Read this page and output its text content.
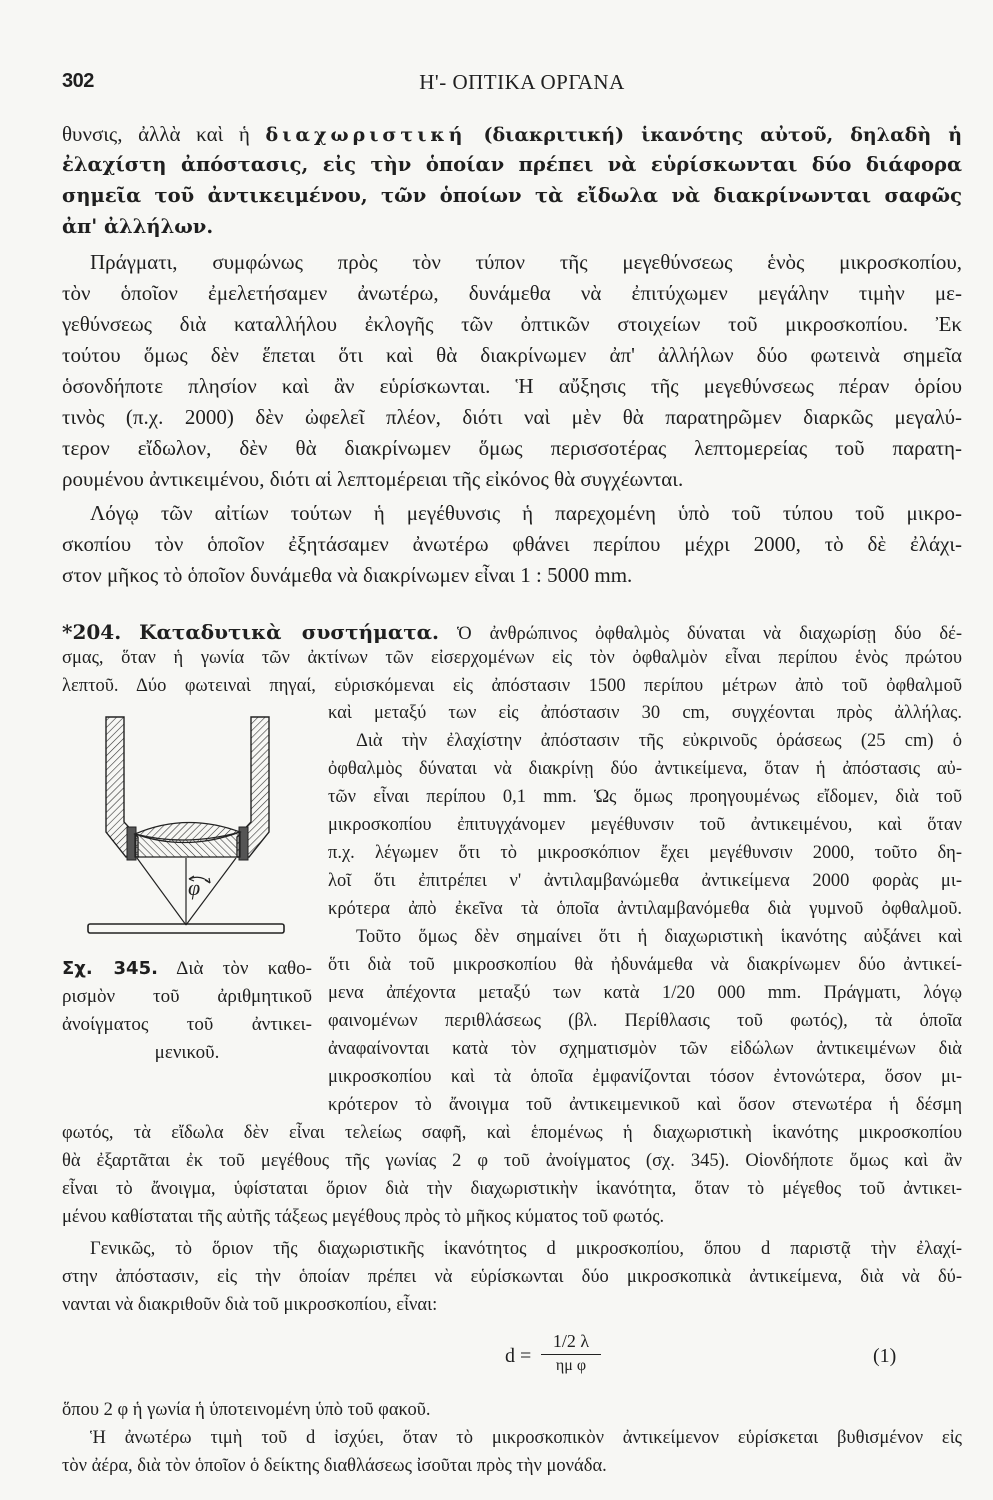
302	Η'- ΟΠΤΙΚΑ ΟΡΓΑΝΑ
θυνσις, ἀλλὰ καὶ ἡ διαχωριστική (διακριτική) ἱκανότης αὐτοῦ, δηλαδὴ ἡ
ἐλαχίστη ἀπόστασις, εἰς τὴν ὁποίαν πρέπει νὰ εὑρίσκωνται δύο διάφορα
σημεῖα τοῦ ἀντικειμένου, τῶν ὁποίων τὰ εἴδωλα νὰ διακρίνωνται σαφῶς
ἀπ' ἀλλήλων.
Πράγματι, συμφώνως πρὸς τὸν τύπον τῆς μεγεθύνσεως ἑνὸς μικροσκοπίου,
τὸν ὁποῖον ἐμελετήσαμεν ἀνωτέρω, δυνάμεθα νὰ ἐπιτύχωμεν μεγάλην τιμὴν με-
γεθύνσεως διὰ καταλλήλου ἐκλογῆς τῶν ὀπτικῶν στοιχείων τοῦ μικροσκοπίου. Ἐκ
τούτου ὅμως δὲν ἕπεται ὅτι καὶ θὰ διακρίνωμεν ἀπ' ἀλλήλων δύο φωτεινὰ σημεῖα
ὁσονδήποτε πλησίον καὶ ἂν εὑρίσκωνται. Ἡ αὔξησις τῆς μεγεθύνσεως πέραν ὁρίου
τινὸς (π.χ. 2000) δὲν ὠφελεῖ πλέον, διότι ναὶ μὲν θὰ παρατηρῶμεν διαρκῶς μεγαλύ-
τερον εἴδωλον, δὲν θὰ διακρίνωμεν ὅμως περισσοτέρας λεπτομερείας τοῦ παρατη-
ρουμένου ἀντικειμένου, διότι αἱ λεπτομέρειαι τῆς εἰκόνος θὰ συγχέωνται.
Λόγῳ τῶν αἰτίων τούτων ἡ μεγέθυνσις ἡ παρεχομένη ὑπὸ τοῦ τύπου τοῦ μικρο-
σκοπίου τὸν ὁποῖον ἐξητάσαμεν ἀνωτέρω φθάνει περίπου μέχρι 2000, τὸ δὲ ἐλάχι-
στον μῆκος τὸ ὁποῖον δυνάμεθα νὰ διακρίνωμεν εἶναι 1 : 5000 mm.
*204. Καταδυτικὰ συστήματα. Ὁ ἀνθρώπινος ὀφθαλμὸς δύναται νὰ διαχωρίσῃ δύο δέ-
σμας, ὅταν ἡ γωνία τῶν ἀκτίνων τῶν εἰσερχομένων εἰς τὸν ὀφθαλμὸν εἶναι περίπου ἑνὸς πρώτου
λεπτοῦ. Δύο φωτειναὶ πηγαί, εὑρισκόμεναι εἰς ἀπόστασιν 1500 περίπου μέτρων ἀπὸ τοῦ ὀφθαλμοῦ
καὶ μεταξύ των εἰς ἀπόστασιν 30 cm, συγχέονται πρὸς ἀλλήλας.
Διὰ τὴν ἐλαχίστην ἀπόστασιν τῆς εὐκρινοῦς ὁράσεως (25 cm) ὁ
ὀφθαλμὸς δύναται νὰ διακρίνῃ δύο ἀντικείμενα, ὅταν ἡ ἀπόστασις αὐ-
τῶν εἶναι περίπου 0,1 mm. Ὡς ὅμως προηγουμένως εἴδομεν, διὰ τοῦ
μικροσκοπίου ἐπιτυγχάνομεν μεγέθυνσιν τοῦ ἀντικειμένου, καὶ ὅταν
π.χ. λέγωμεν ὅτι τὸ μικροσκόπιον ἔχει μεγέθυνσιν 2000, τοῦτο δη-
λοῖ ὅτι ἐπιτρέπει ν' ἀντιλαμβανώμεθα ἀντικείμενα 2000 φορὰς μι-
κρότερα ἀπὸ ἐκεῖνα τὰ ὁποῖα ἀντιλαμβανόμεθα διὰ γυμνοῦ ὀφθαλμοῦ.
Τοῦτο ὅμως δὲν σημαίνει ὅτι ἡ διαχωριστικὴ ἱκανότης αὐξάνει καὶ
ὅτι διὰ τοῦ μικροσκοπίου θὰ ἠδυνάμεθα νὰ διακρίνωμεν δύο ἀντικεί-
μενα ἀπέχοντα μεταξύ των κατὰ 1/20 000 mm. Πράγματι, λόγῳ
φαινομένων περιθλάσεως (βλ. Περίθλασις τοῦ φωτός), τὰ ὁποῖα
ἀναφαίνονται κατὰ τὸν σχηματισμὸν τῶν εἰδώλων ἀντικειμένων διὰ
μικροσκοπίου καὶ τὰ ὁποῖα ἐμφανίζονται τόσον ἐντονώτερα, ὅσον μι-
κρότερον τὸ ἄνοιγμα τοῦ ἀντικειμενικοῦ καὶ ὅσον στενωτέρα ἡ δέσμη
φ
Σχ. 345. Διὰ τὸν καθο-
ρισμὸν τοῦ ἀριθμητικοῦ
ἀνοίγματος τοῦ ἀντικει-
μενικοῦ.
φωτός, τὰ εἴδωλα δὲν εἶναι τελείως σαφῆ, καὶ ἑπομένως ἡ διαχωριστικὴ ἱκανότης μικροσκοπίου
θὰ ἐξαρτᾶται ἐκ τοῦ μεγέθους τῆς γωνίας 2 φ τοῦ ἀνοίγματος (σχ. 345). Οἱονδήποτε ὅμως καὶ ἂν
εἶναι τὸ ἄνοιγμα, ὑφίσταται ὅριον διὰ τὴν διαχωριστικὴν ἱκανότητα, ὅταν τὸ μέγεθος τοῦ ἀντικει-
μένου καθίσταται τῆς αὐτῆς τάξεως μεγέθους πρὸς τὸ μῆκος κύματος τοῦ φωτός.
Γενικῶς, τὸ ὅριον τῆς διαχωριστικῆς ἱκανότητος d μικροσκοπίου, ὅπου d παριστᾷ τὴν ἐλαχί-
στην ἀπόστασιν, εἰς τὴν ὁποίαν πρέπει νὰ εὑρίσκωνται δύο μικροσκοπικὰ ἀντικείμενα, διὰ νὰ δύ-
νανται νὰ διακριθοῦν διὰ τοῦ μικροσκοπίου, εἶναι:
d =
1/2 λ
ημ φ	(1)
ὅπου 2 φ ἡ γωνία ἡ ὑποτεινομένη ὑπὸ τοῦ φακοῦ.
Ἡ ἀνωτέρω τιμὴ τοῦ d ἰσχύει, ὅταν τὸ μικροσκοπικὸν ἀντικείμενον εὑρίσκεται βυθισμένον εἰς
τὸν ἀέρα, διὰ τὸν ὁποῖον ὁ δείκτης διαθλάσεως ἰσοῦται πρὸς τὴν μονάδα.
